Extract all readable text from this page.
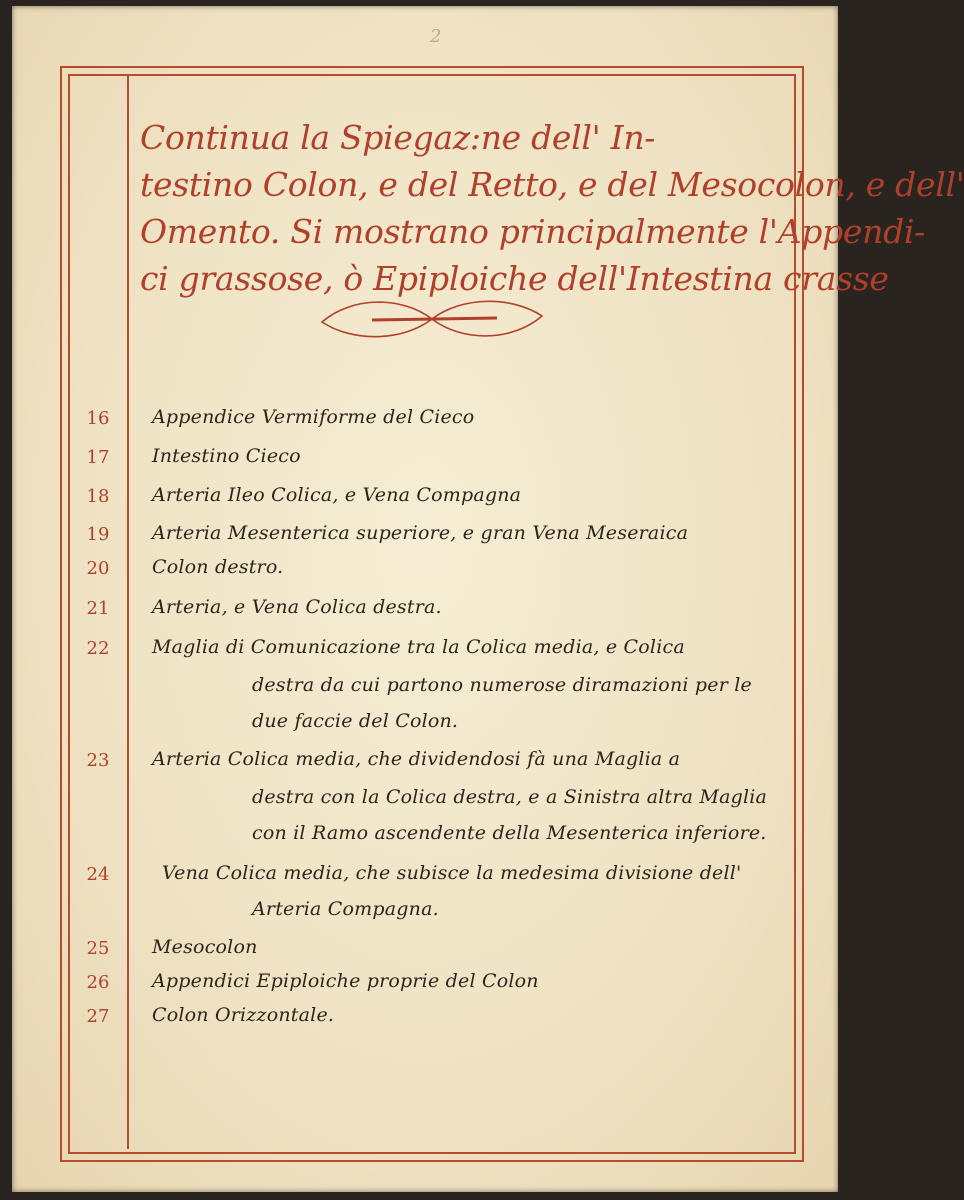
2
Continua la Spiegaz:ne dell' In-
testino Colon, e del Retto, e del Mesocolon, e dell'
Omento. Si mostrano principalmente l'Appendi-
ci grassose, ò Epiploiche dell'Intestina crasse
16	Appendice Vermiforme del Cieco
17	Intestino Cieco
18	Arteria Ileo Colica, e Vena Compagna
19	Arteria Mesenterica superiore, e gran Vena Meseraica
20	Colon destro.
21	Arteria, e Vena Colica destra.
22	Maglia di Comunicazione tra la Colica media, e Colica
destra da cui partono numerose diramazioni per le
due faccie del Colon.
23	Arteria Colica media, che dividendosi fà una Maglia a
destra con la Colica destra, e a Sinistra altra Maglia
con il Ramo ascendente della Mesenterica inferiore.
24	Vena Colica media, che subisce la medesima divisione dell'
Arteria Compagna.
25	Mesocolon
26	Appendici Epiploiche proprie del Colon
27	Colon Orizzontale.
